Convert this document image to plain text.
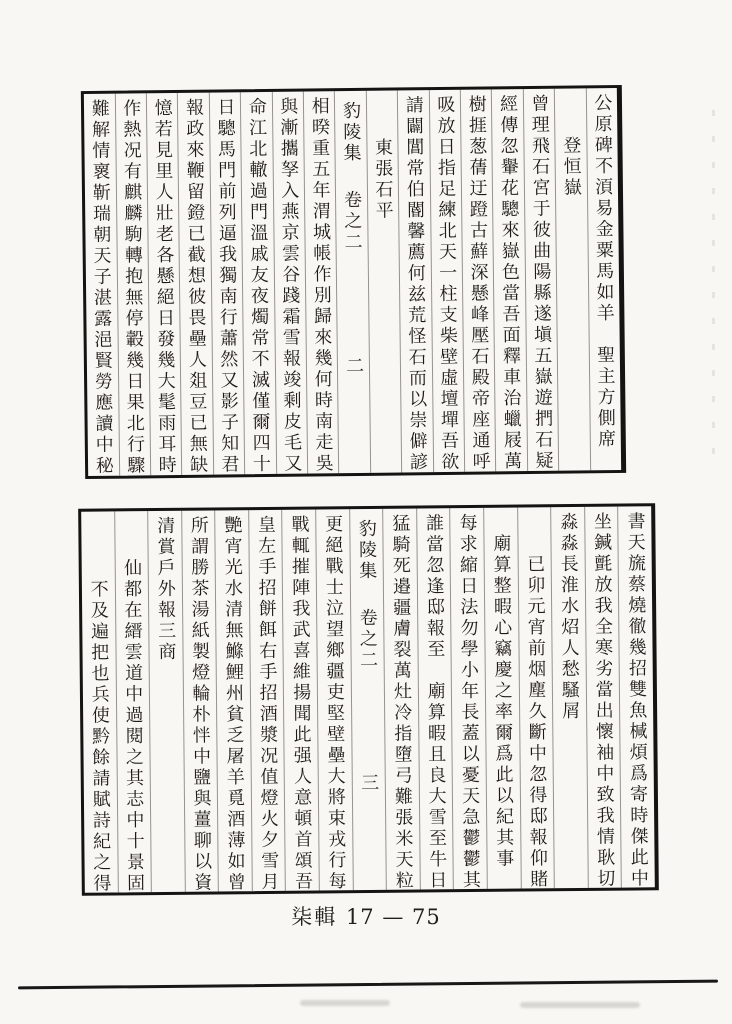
公原碑不湏易金粟馬如羊　聖主方側席
登恒嶽
曾理飛石宮于彼曲陽縣遂塡五嶽遊捫石疑
經傳忽轝花驄來嶽色當吾面釋車治蠟屐萬
樹捱葱蒨迂蹬古蘚深懸峰壓石殿帝座通呼
吸放日指足練北天一柱支柴壁虛壇墠吾欲
請闢閶常伯閽馨薦何兹荒怪石而以崇僻諺
東張石平
豹陵集
卷之二
二
相暌重五年渭城帳作別歸來幾何時南走吳
與漸攜孥入燕京雲谷踐霜雪報竣剩皮毛又
命江北轍過門溫戚友夜燭常不滅僅爾四十
日驄馬門前列逼我獨南行蕭然又影子知君
報政來鞭留鐙已截想彼畏壘人爼豆已無缺
憶若見里人壯老各懸絕日發幾大髦雨耳時
作熱况有麒麟駒轉抱無停轂幾日果北行驟
難解情褱靳瑞朝天子湛露浥賢勞應讀中秘
書天旒蔡燒徹幾招雙魚椷煩爲寄時傑此中
坐鍼氈放我全寒劣當出懷袖中致我情耿切
淼淼長淮水炤人愁騷屑
已卯元宵前烟塵久斷中忽得邸報仰賭
廟算整暇心竊慶之率爾爲此以紀其事
每求縮日法勿學小年長蓋以憂天急鬱鬱其
誰當忽逢邸報至　廟算暇且良大雪至牛日
猛騎死邉疆膚裂萬灶冷指墮弓難張米天粒
豹陵集
卷之二
三
更絕戰士泣望鄉疆吏堅壁壘大將束戎行每
戰輒摧陣我武喜維揚聞此强人意頓首頌吾
皇左手招餅餌右手招酒漿况值燈火夕雪月
艷宵光水清無鰷鯉州貧乏屠羊覓酒薄如曾
所謂勝茶湯紙製燈輪朴怑中鹽與薑聊以資
清賞戶外報三商
仙都在縉雲道中過閱之其志中十景固
不及遍把也兵使黔餘請賦詩紀之得
柒輯 17 — 75
